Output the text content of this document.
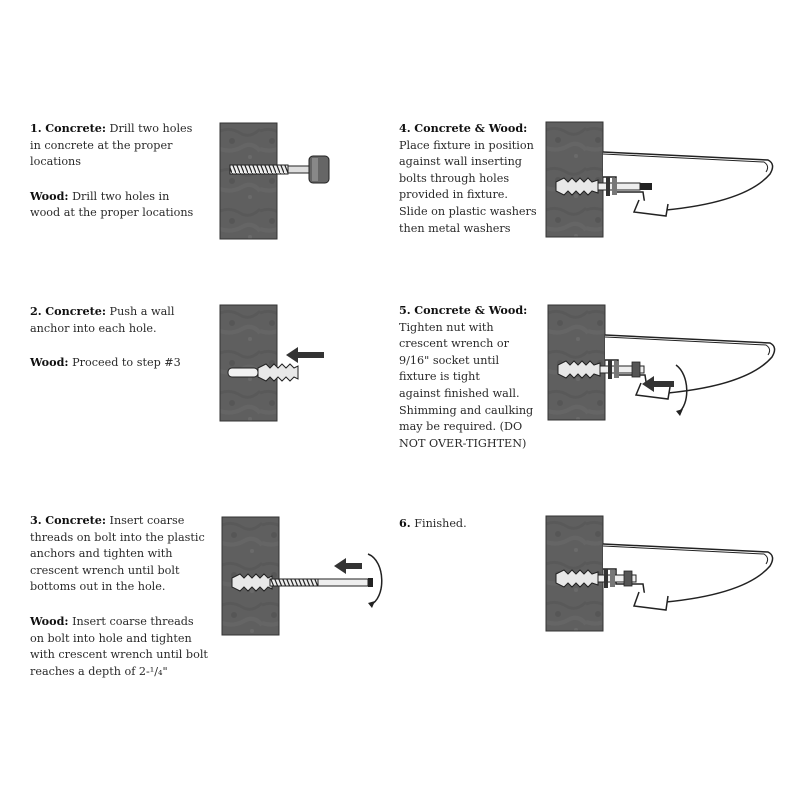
1. Concrete: Drill two holes
in concrete at the proper
locations

Wood: Drill two holes in
wood at the proper locations

2. Concrete: Push a wall
anchor into each hole.

Wood: Proceed to step #3

3. Concrete: Insert coarse
threads on bolt into the plastic
anchors and tighten with
crescent wrench until bolt
bottoms out in the hole.

Wood: Insert coarse threads
on bolt into hole and tighten
with crescent wrench until bolt
reaches a depth of 2-¹/₄"

4. Concrete & Wood:
Place fixture in position
against wall inserting
bolts through holes
provided in fixture.
Slide on plastic washers
then metal washers

5. Concrete & Wood:
Tighten nut with
crescent wrench or
9/16" socket until
fixture is tight
against finished wall.
Shimming and caulking
may be required. (DO
NOT OVER-TIGHTEN)

6. Finished.
